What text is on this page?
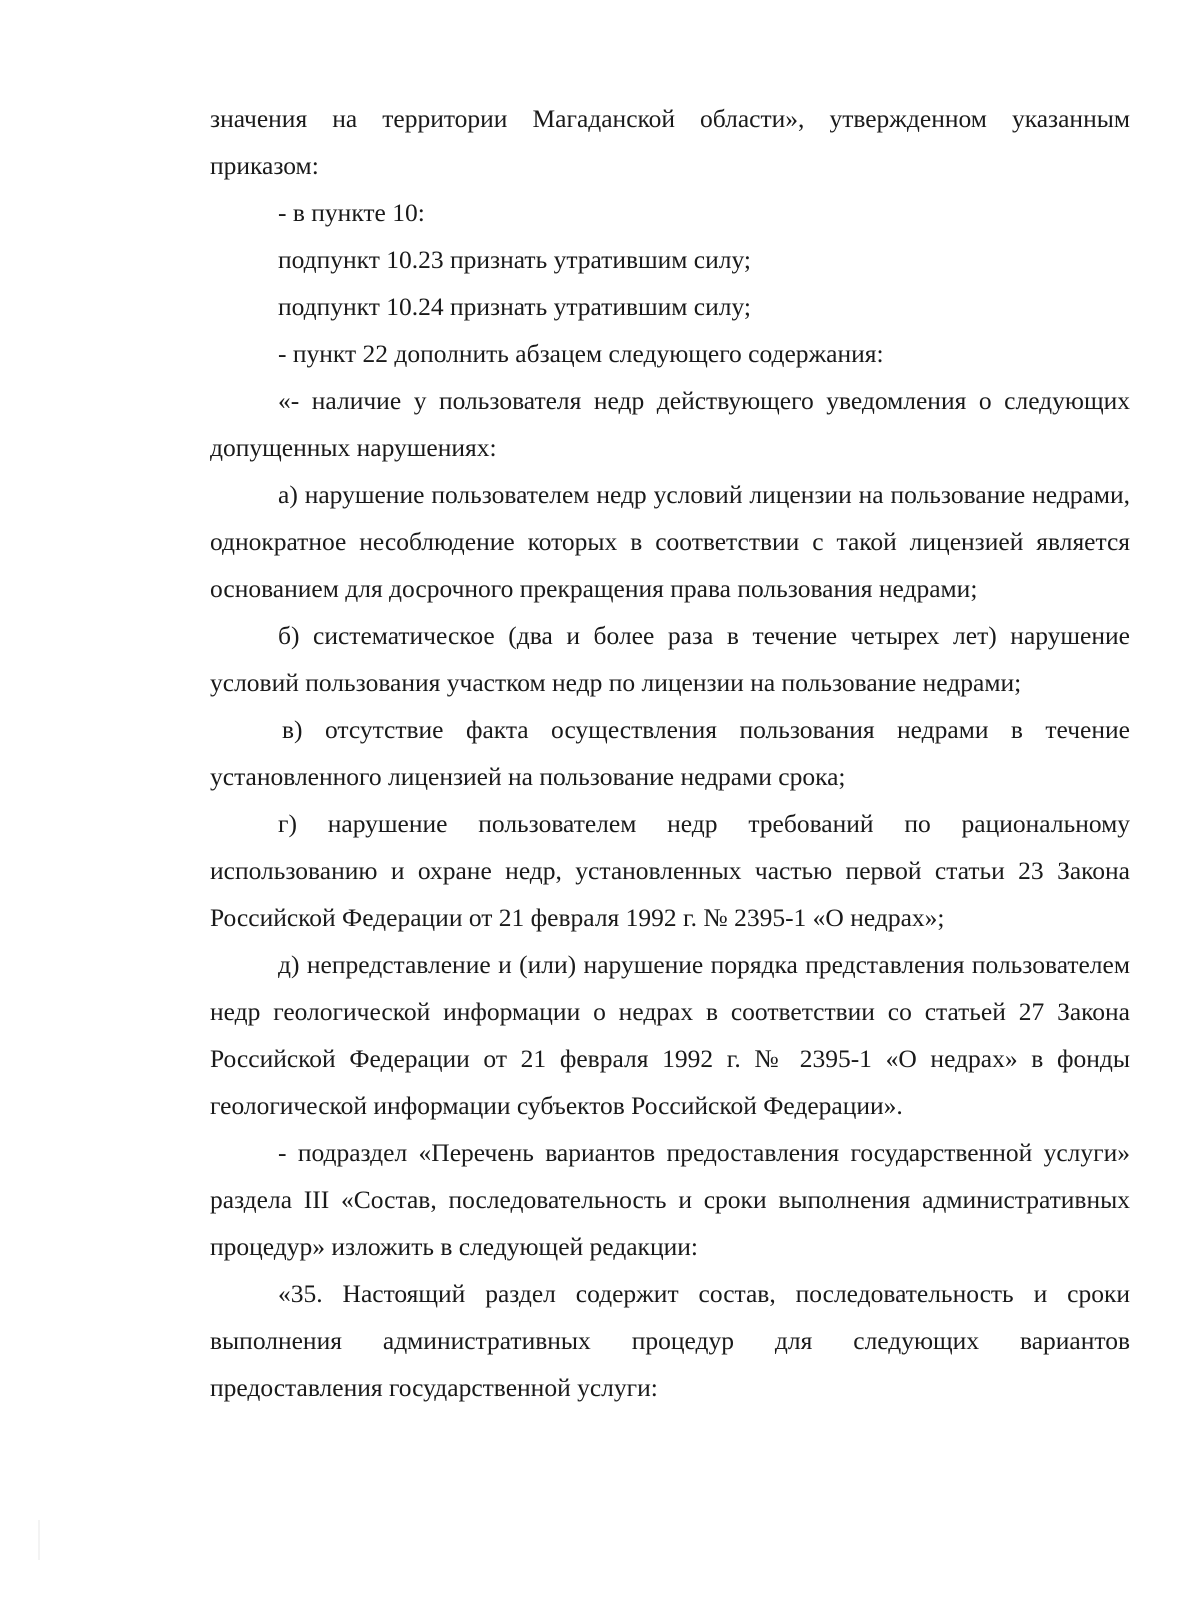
значения на территории Магаданской области», утвержденном указанным приказом:

- в пункте 10:

подпункт 10.23 признать утратившим силу;

подпункт 10.24 признать утратившим силу;

- пункт 22 дополнить абзацем следующего содержания:

«- наличие у пользователя недр действующего уведомления о следующих допущенных нарушениях:

а) нарушение пользователем недр условий лицензии на пользование недрами, однократное несоблюдение которых в соответствии с такой лицензией является основанием для досрочного прекращения права пользования недрами;

б) систематическое (два и более раза в течение четырех лет) нарушение условий пользования участком недр по лицензии на пользование недрами;

в) отсутствие факта осуществления пользования недрами в течение установленного лицензией на пользование недрами срока;

г) нарушение пользователем недр требований по рациональному использованию и охране недр, установленных частью первой статьи 23 Закона Российской Федерации от 21 февраля 1992 г. № 2395-1 «О недрах»;

д) непредставление и (или) нарушение порядка представления пользователем недр геологической информации о недрах в соответствии со статьей 27 Закона Российской Федерации от 21 февраля 1992 г. № 2395-1 «О недрах» в фонды геологической информации субъектов Российской Федерации».

- подраздел «Перечень вариантов предоставления государственной услуги» раздела III «Состав, последовательность и сроки выполнения административных процедур» изложить в следующей редакции:

«35. Настоящий раздел содержит состав, последовательность и сроки выполнения административных процедур для следующих вариантов предоставления государственной услуги:
